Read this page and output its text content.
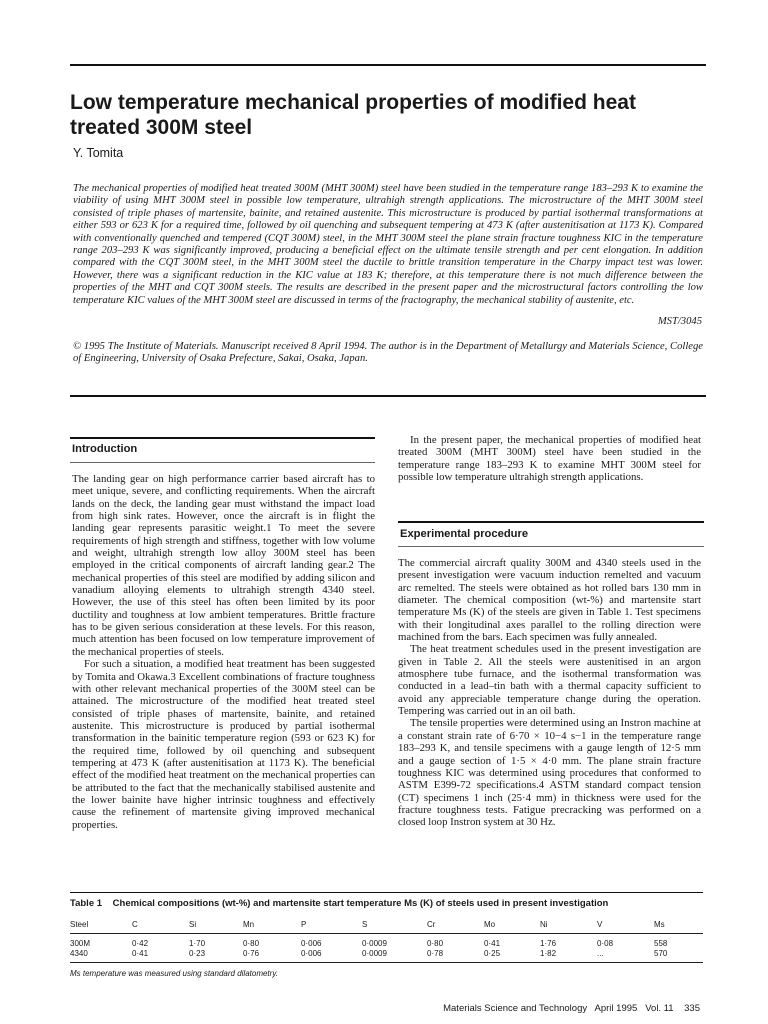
Low temperature mechanical properties of modified heat treated 300M steel
Y. Tomita

The mechanical properties of modified heat treated 300M (MHT 300M) steel have been studied in the temperature range 183–293 K to examine the viability of using MHT 300M steel in possible low temperature, ultrahigh strength applications. The microstructure of the MHT 300M steel consisted of triple phases of martensite, bainite, and retained austenite. This microstructure is produced by partial isothermal transformations at either 593 or 623 K for a required time, followed by oil quenching and subsequent tempering at 473 K (after austenitisation at 1173 K). Compared with conventionally quenched and tempered (CQT 300M) steel, in the MHT 300M steel the plane strain fracture toughness KIC in the temperature range 203–293 K was significantly improved, producing a beneficial effect on the ultimate tensile strength and per cent elongation. In addition compared with the CQT 300M steel, in the MHT 300M steel the ductile to brittle transition temperature in the Charpy impact test was lower. However, there was a significant reduction in the KIC value at 183 K; therefore, at this temperature there is not much difference between the properties of the MHT and CQT 300M steels. The results are described in the present paper and the microstructural factors controlling the low temperature KIC values of the MHT 300M steel are discussed in terms of the fractography, the mechanical stability of austenite, etc.

MST/3045

© 1995 The Institute of Materials. Manuscript received 8 April 1994. The author is in the Department of Metallurgy and Materials Science, College of Engineering, University of Osaka Prefecture, Sakai, Osaka, Japan.

Introduction

The landing gear on high performance carrier based aircraft has to meet unique, severe, and conflicting requirements. When the aircraft lands on the deck, the landing gear must withstand the impact load from high sink rates. However, once the aircraft is in flight the landing gear represents parasitic weight.1 To meet the severe requirements of high strength and stiffness, together with low volume and weight, ultrahigh strength low alloy 300M steel has been employed in the critical components of aircraft landing gear.2 The mechanical properties of this steel are modified by adding silicon and vanadium alloying elements to ultrahigh strength 4340 steel. However, the use of this steel has often been limited by its poor ductility and toughness at low ambient temperatures. Brittle fracture has to be given serious consideration at these levels. For this reason, much attention has been focused on low temperature improvement of the mechanical properties of steels.

For such a situation, a modified heat treatment has been suggested by Tomita and Okawa.3 Excellent combinations of fracture toughness with other relevant mechanical properties of the 300M steel can be attained. The microstructure of the modified heat treated steel consisted of triple phases of martensite, bainite, and retained austenite. This microstructure is produced by partial isothermal transformation in the bainitic temperature region (593 or 623 K) for the required time, followed by oil quenching and subsequent tempering at 473 K (after austenitisation at 1173 K). The beneficial effect of the modified heat treatment on the mechanical properties can be attributed to the fact that the mechanically stabilised austenite and the lower bainite have higher intrinsic toughness and effectively cause the refinement of martensite giving improved mechanical properties.

In the present paper, the mechanical properties of modified heat treated 300M (MHT 300M) steel have been studied in the temperature range 183–293 K to examine MHT 300M steel for possible low temperature ultrahigh strength applications.

Experimental procedure

The commercial aircraft quality 300M and 4340 steels used in the present investigation were vacuum induction remelted and vacuum arc remelted. The steels were obtained as hot rolled bars 130 mm in diameter. The chemical composition (wt-%) and martensite start temperature Ms (K) of the steels are given in Table 1. Test specimens with their longitudinal axes parallel to the rolling direction were machined from the bars. Each specimen was fully annealed.

The heat treatment schedules used in the present investigation are given in Table 2. All the steels were austenitised in an argon atmosphere tube furnace, and the isothermal transformation was conducted in a lead–tin bath with a thermal capacity sufficient to avoid any appreciable temperature change during the operation. Tempering was carried out in an oil bath.

The tensile properties were determined using an Instron machine at a constant strain rate of 6·70 × 10−4 s−1 in the temperature range 183–293 K, and tensile specimens with a gauge length of 12·5 mm and a gauge section of 1·5 × 4·0 mm. The plane strain fracture toughness KIC was determined using procedures that conformed to ASTM E399-72 specifications.4 ASTM standard compact tension (CT) specimens 1 inch (25·4 mm) in thickness were used for the fracture toughness tests. Fatigue precracking was performed on a closed loop Instron system at 30 Hz.

Table 1 Chemical compositions (wt-%) and martensite start temperature Ms (K) of steels used in present investigation
Steel	C	Si	Mn	P	S	Cr	Mo	Ni	V	Ms
300M	0·42	1·70	0·80	0·006	0·0009	0·80	0·41	1·76	0·08	558
4340	0·41	0·23	0·76	0·006	0·0009	0·78	0·25	1·82	...	570
Ms temperature was measured using standard dilatometry.
Materials Science and Technology April 1995 Vol. 11 335
